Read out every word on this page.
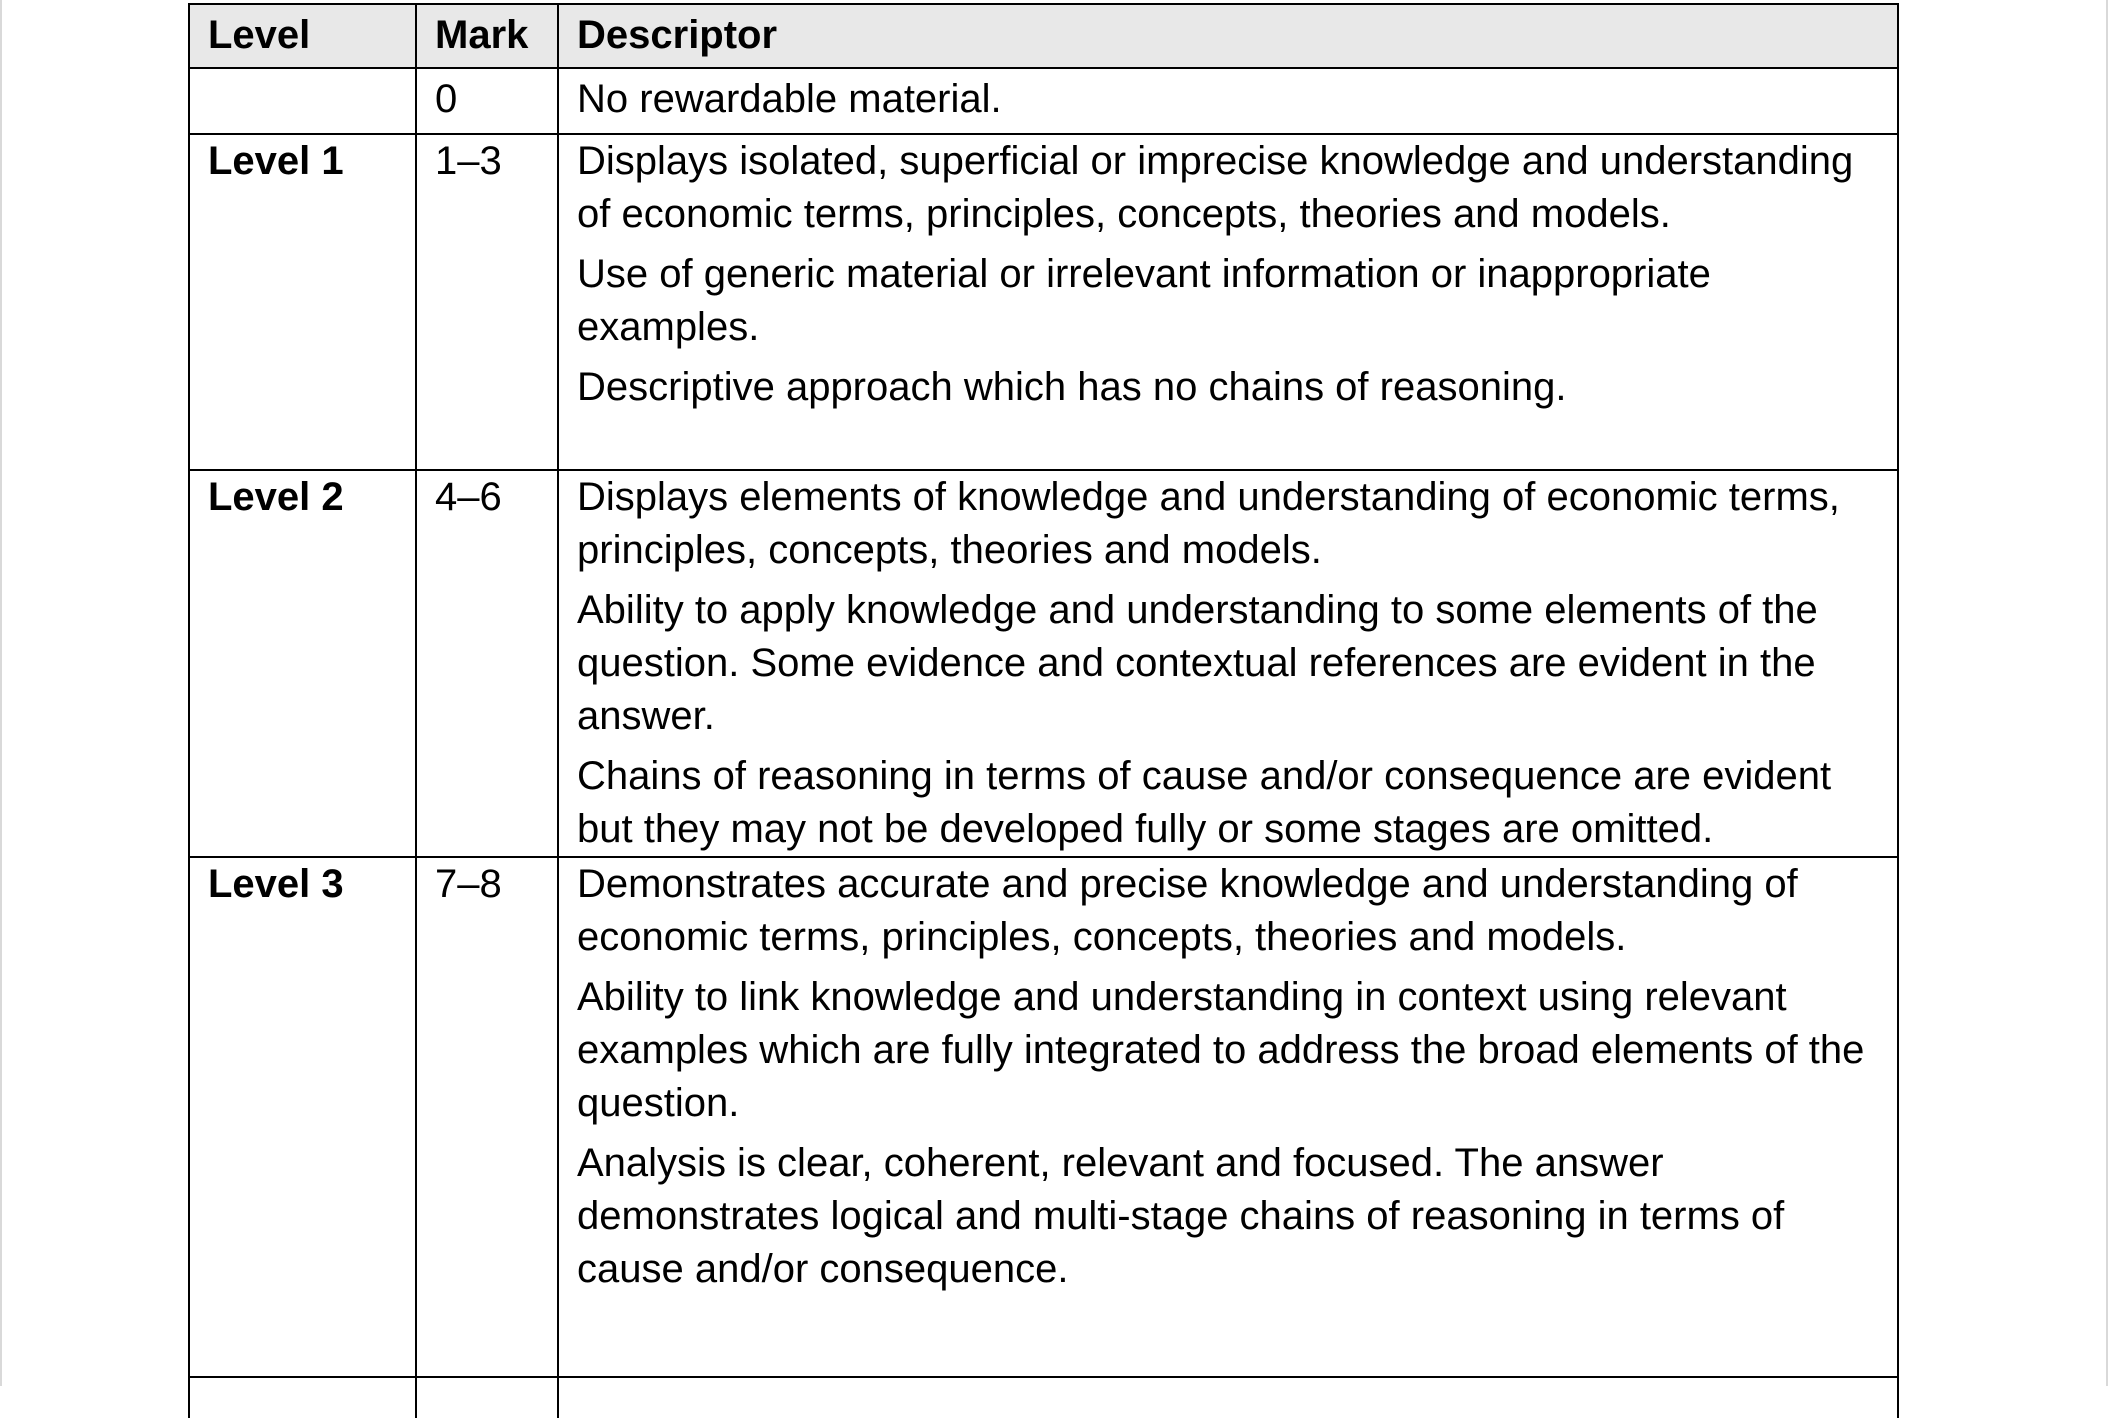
Level	Mark	Descriptor
	0	No rewardable material.
Level 1	1–3	Displays isolated, superficial or imprecise knowledge and understanding of economic terms, principles, concepts, theories and models.

Use of generic material or irrelevant information or inappropriate examples.

Descriptive approach which has no chains of reasoning.

Level 2	4–6	Displays elements of knowledge and understanding of economic terms, principles, concepts, theories and models.

Ability to apply knowledge and understanding to some elements of the question. Some evidence and contextual references are evident in the answer.

Chains of reasoning in terms of cause and/or consequence are evident but they may not be developed fully or some stages are omitted.

Level 3	7–8	Demonstrates accurate and precise knowledge and understanding of economic terms, principles, concepts, theories and models.

Ability to link knowledge and understanding in context using relevant examples which are fully integrated to address the broad elements of the question.

Analysis is clear, coherent, relevant and focused. The answer demonstrates logical and multi-stage chains of reasoning in terms of cause and/or consequence.
